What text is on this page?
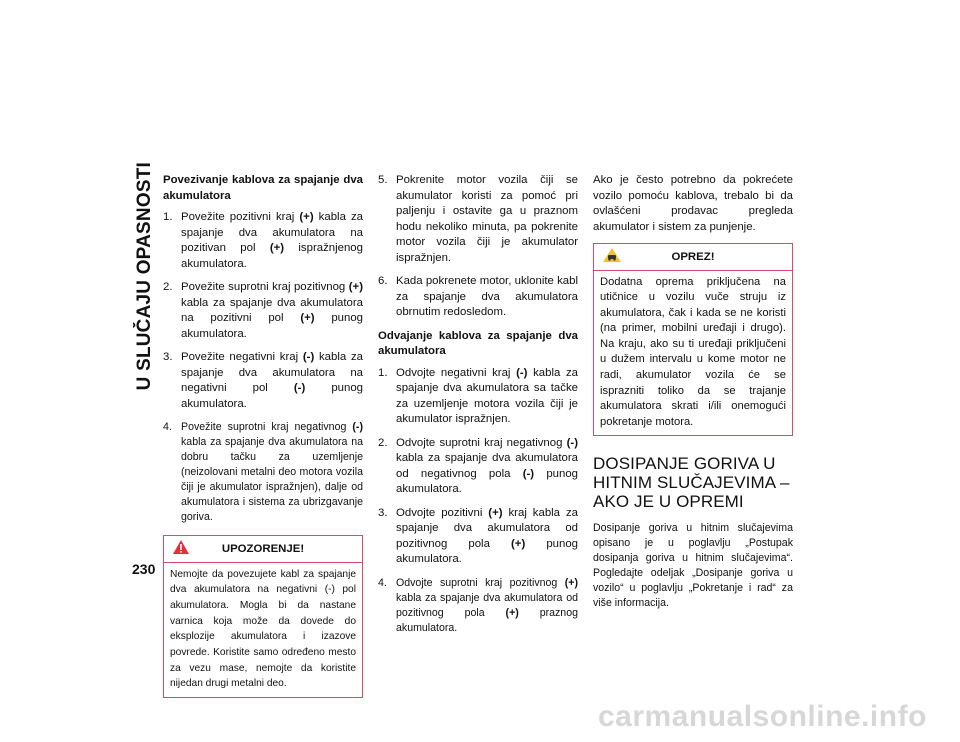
U SLUČAJU OPASNOSTI
230
Povezivanje kablova za spajanje dva akumulatora
1. Povežite pozitivni kraj (+) kabla za spajanje dva akumulatora na pozitivan pol (+) ispražnjenog akumulatora.
2. Povežite suprotni kraj pozitivnog (+) kabla za spajanje dva akumulatora na pozitivni pol (+) punog akumulatora.
3. Povežite negativni kraj (-) kabla za spajanje dva akumulatora na negativni pol (-) punog akumulatora.
4. Povežite suprotni kraj negativnog (-) kabla za spajanje dva akumulatora na dobru tačku za uzemljenje (neizolovani metalni deo motora vozila čiji je akumulator ispražnjen), dalje od akumulatora i sistema za ubrizgavanje goriva.
UPOZORENJE!
Nemojte da povezujete kabl za spajanje dva akumulatora na negativni (-) pol akumulatora. Mogla bi da nastane varnica koja može da dovede do eksplozije akumulatora i izazove povrede. Koristite samo određeno mesto za vezu mase, nemojte da koristite nijedan drugi metalni deo.
5. Pokrenite motor vozila čiji se akumulator koristi za pomoć pri paljenju i ostavite ga u praznom hodu nekoliko minuta, pa pokrenite motor vozila čiji je akumulator ispražnjen.
6. Kada pokrenete motor, uklonite kabl za spajanje dva akumulatora obrnutim redosledom.
Odvajanje kablova za spajanje dva akumulatora
1. Odvojte negativni kraj (-) kabla za spajanje dva akumulatora sa tačke za uzemljenje motora vozila čiji je akumulator ispražnjen.
2. Odvojte suprotni kraj negativnog (-) kabla za spajanje dva akumulatora od negativnog pola (-) punog akumulatora.
3. Odvojte pozitivni (+) kraj kabla za spajanje dva akumulatora od pozitivnog pola (+) punog akumulatora.
4. Odvojte suprotni kraj pozitivnog (+) kabla za spajanje dva akumulatora od pozitivnog pola (+) praznog akumulatora.
Ako je često potrebno da pokrećete vozilo pomoću kablova, trebalo bi da ovlašćeni prodavac pregleda akumulator i sistem za punjenje.
OPREZ!
Dodatna oprema priključena na utičnice u vozilu vuče struju iz akumulatora, čak i kada se ne koristi (na primer, mobilni uređaji i drugo). Na kraju, ako su ti uređaji priključeni u dužem intervalu u kome motor ne radi, akumulator vozila će se isprazniti toliko da se trajanje akumulatora skrati i/ili onemogući pokretanje motora.
DOSIPANJE GORIVA U HITNIM SLUČAJEVIMA – AKO JE U OPREMI
Dosipanje goriva u hitnim slučajevima opisano je u poglavlju „Postupak dosipanja goriva u hitnim slučajevima“. Pogledajte odeljak „Dosipanje goriva u vozilo“ u poglavlju „Pokretanje i rad“ za više informacija.
carmanualsonline.info
